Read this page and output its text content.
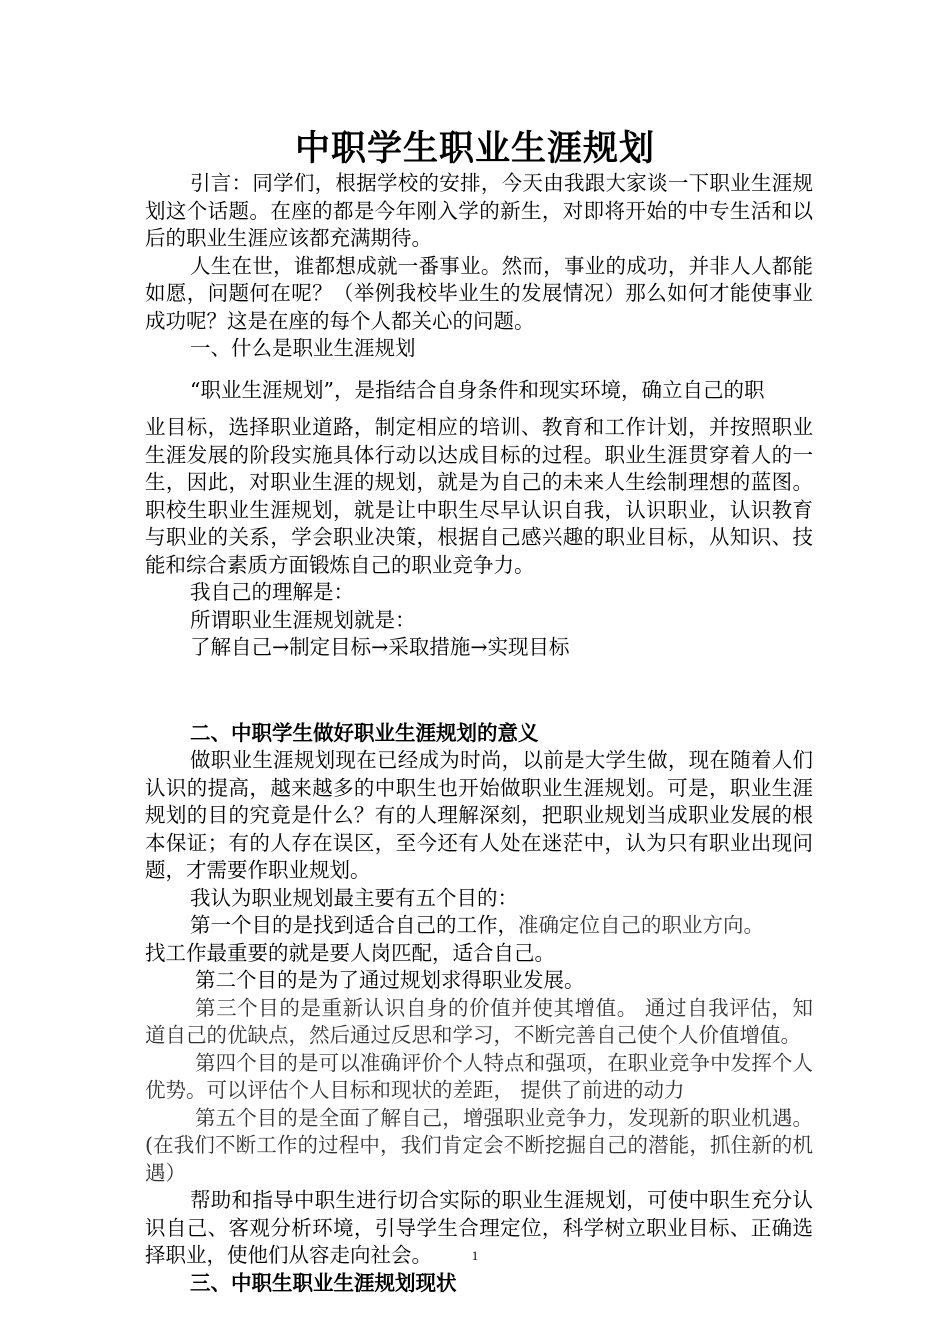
中职学生职业生涯规划

引言：同学们，根据学校的安排，今天由我跟大家谈一下职业生涯规划这个话题。在座的都是今年刚入学的新生，对即将开始的中专生活和以后的职业生涯应该都充满期待。

人生在世，谁都想成就一番事业。然而，事业的成功，并非人人都能如愿，问题何在呢？（举例我校毕业生的发展情况）那么如何才能使事业成功呢？这是在座的每个人都关心的问题。

一、什么是职业生涯规划

“职业生涯规划”，是指结合自身条件和现实环境，确立自己的职

业目标，选择职业道路，制定相应的培训、教育和工作计划，并按照职业生涯发展的阶段实施具体行动以达成目标的过程。职业生涯贯穿着人的一生，因此，对职业生涯的规划，就是为自己的未来人生绘制理想的蓝图。职校生职业生涯规划，就是让中职生尽早认识自我，认识职业，认识教育与职业的关系，学会职业决策，根据自己感兴趣的职业目标，从知识、技能和综合素质方面锻炼自己的职业竞争力。

我自己的理解是：

所谓职业生涯规划就是：

了解自己→制定目标→采取措施→实现目标

二、中职学生做好职业生涯规划的意义

做职业生涯规划现在已经成为时尚，以前是大学生做，现在随着人们认识的提高，越来越多的中职生也开始做职业生涯规划。可是，职业生涯规划的目的究竟是什么？有的人理解深刻，把职业规划当成职业发展的根本保证；有的人存在误区，至今还有人处在迷茫中，认为只有职业出现问题，才需要作职业规划。

我认为职业规划最主要有五个目的：

第一个目的是找到适合自己的工作，准确定位自己的职业方向。

找工作最重要的就是要人岗匹配，适合自己。

第二个目的是为了通过规划求得职业发展。

第三个目的是重新认识自身的价值并使其增值。 通过自我评估，知道自己的优缺点，然后通过反思和学习，不断完善自己使个人价值增值。

第四个目的是可以准确评价个人特点和强项，在职业竞争中发挥个人优势。可以评估个人目标和现状的差距， 提供了前进的动力

第五个目的是全面了解自己，增强职业竞争力，发现新的职业机遇。(在我们不断工作的过程中，我们肯定会不断挖掘自己的潜能，抓住新的机遇）

帮助和指导中职生进行切合实际的职业生涯规划，可使中职生充分认识自己、客观分析环境，引导学生合理定位，科学树立职业目标、正确选择职业，使他们从容走向社会。

三、中职生职业生涯规划现状

1
